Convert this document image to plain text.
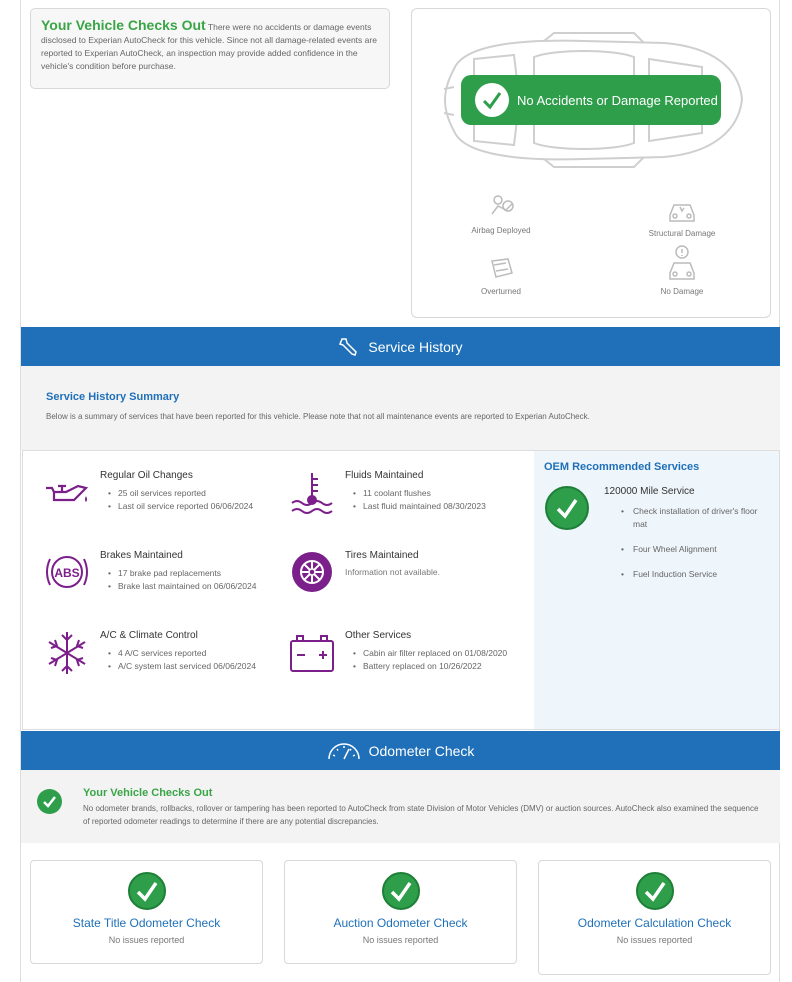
Your Vehicle Checks Out There were no accidents or damage events disclosed to Experian AutoCheck for this vehicle. Since not all damage-related events are reported to Experian AutoCheck, an inspection may provide added confidence in the vehicle's condition before purchase.
No Accidents or Damage Reported
Airbag Deployed	Structural Damage
Overturned	No Damage
Service History
Service History Summary
Below is a summary of services that have been reported for this vehicle. Please note that not all maintenance events are reported to Experian AutoCheck.
Regular Oil Changes
• 25 oil services reported
• Last oil service reported 06/06/2024
Fluids Maintained
• 11 coolant flushes
• Last fluid maintained 08/30/2023
ABS
Brakes Maintained
• 17 brake pad replacements
• Brake last maintained on 06/06/2024
Tires Maintained
Information not available.
A/C & Climate Control
• 4 A/C services reported
• A/C system last serviced 06/06/2024
Other Services
• Cabin air filter replaced on 01/08/2020
• Battery replaced on 10/26/2022
OEM Recommended Services
120000 Mile Service
• Check installation of driver's floor mat
• Four Wheel Alignment
• Fuel Induction Service
Odometer Check
Your Vehicle Checks Out
No odometer brands, rollbacks, rollover or tampering has been reported to AutoCheck from state Division of Motor Vehicles (DMV) or auction sources. AutoCheck also examined the sequence of reported odometer readings to determine if there are any potential discrepancies.
State Title Odometer Check
No issues reported
Auction Odometer Check
No issues reported
Odometer Calculation Check
No issues reported
